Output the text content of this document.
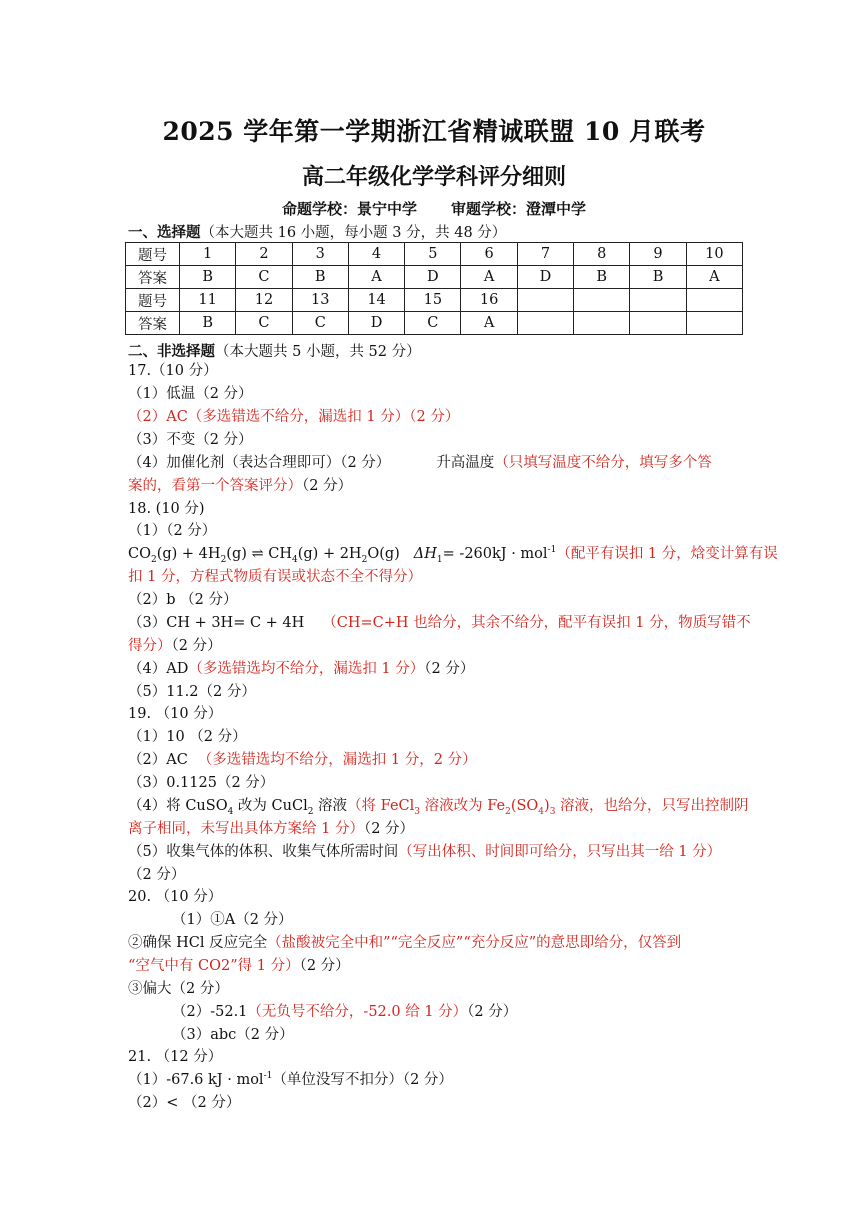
2025 学年第一学期浙江省精诚联盟 10 月联考
高二年级化学学科评分细则
命题学校：景宁中学 审题学校：澄潭中学
一、选择题（本大题共 16 小题，每小题 3 分，共 48 分）
题号	1	2	3	4	5	6	7	8	9	10
答案	B	C	B	A	D	A	D	B	B	A
题号	11	12	13	14	15	16				
答案	B	C	C	D	C	A				
二、非选择题（本大题共 5 小题，共 52 分）
17.（10 分）
（1）低温（2 分）
（2）AC（多选错选不给分，漏选扣 1 分）（2 分）
（3）不变（2 分）
（4）加催化剂（表达合理即可）（2 分）	升高温度（只填写温度不给分，填写多个答
案的，看第一个答案评分）（2 分）
18. (10 分)
（1）（2 分）
$CO_2(g) + 4H_2(g)$ ⇌ $CH_4(g) + 2H_2O(g)$ $\Delta H_1= -260kJ \cdot mol^{-1}$（配平有误扣 1 分，焓变计算有误
扣 1 分，方程式物质有误或状态不全不得分）
（2）b （2 分）
（3）CH + 3H= C + 4H （CH=C+H 也给分，其余不给分，配平有误扣 1 分，物质写错不
得分）（2 分）
（4）AD（多选错选均不给分，漏选扣 1 分）（2 分）
（5）11.2（2 分）
19. （10 分）
（1）10 （2 分）
（2）AC （多选错选均不给分，漏选扣 1 分，2 分）
（3）0.1125（2 分）
（4）将 CuSO$_4$ 改为 CuCl$_2$ 溶液（将 FeCl$_3$ 溶液改为 $Fe_2(SO_4)_3$ 溶液，也给分，只写出控制阴
离子相同，未写出具体方案给 1 分）（2 分）
（5）收集气体的体积、收集气体所需时间（写出体积、时间即可给分，只写出其一给 1 分）
（2 分）
20. （10 分）
（1）①A（2 分）
②确保 HCl 反应完全（盐酸被完全中和”“完全反应”“充分反应”的意思即给分，仅答到
“空气中有 CO2”得 1 分）（2 分）
③偏大（2 分）
（2）-52.1（无负号不给分，-52.0 给 1 分）（2 分）
（3）abc（2 分）
21. （12 分）
（1）-67.6 kJ · mol$^{-1}$（单位没写不扣分）（2 分）
（2）< （2 分）
